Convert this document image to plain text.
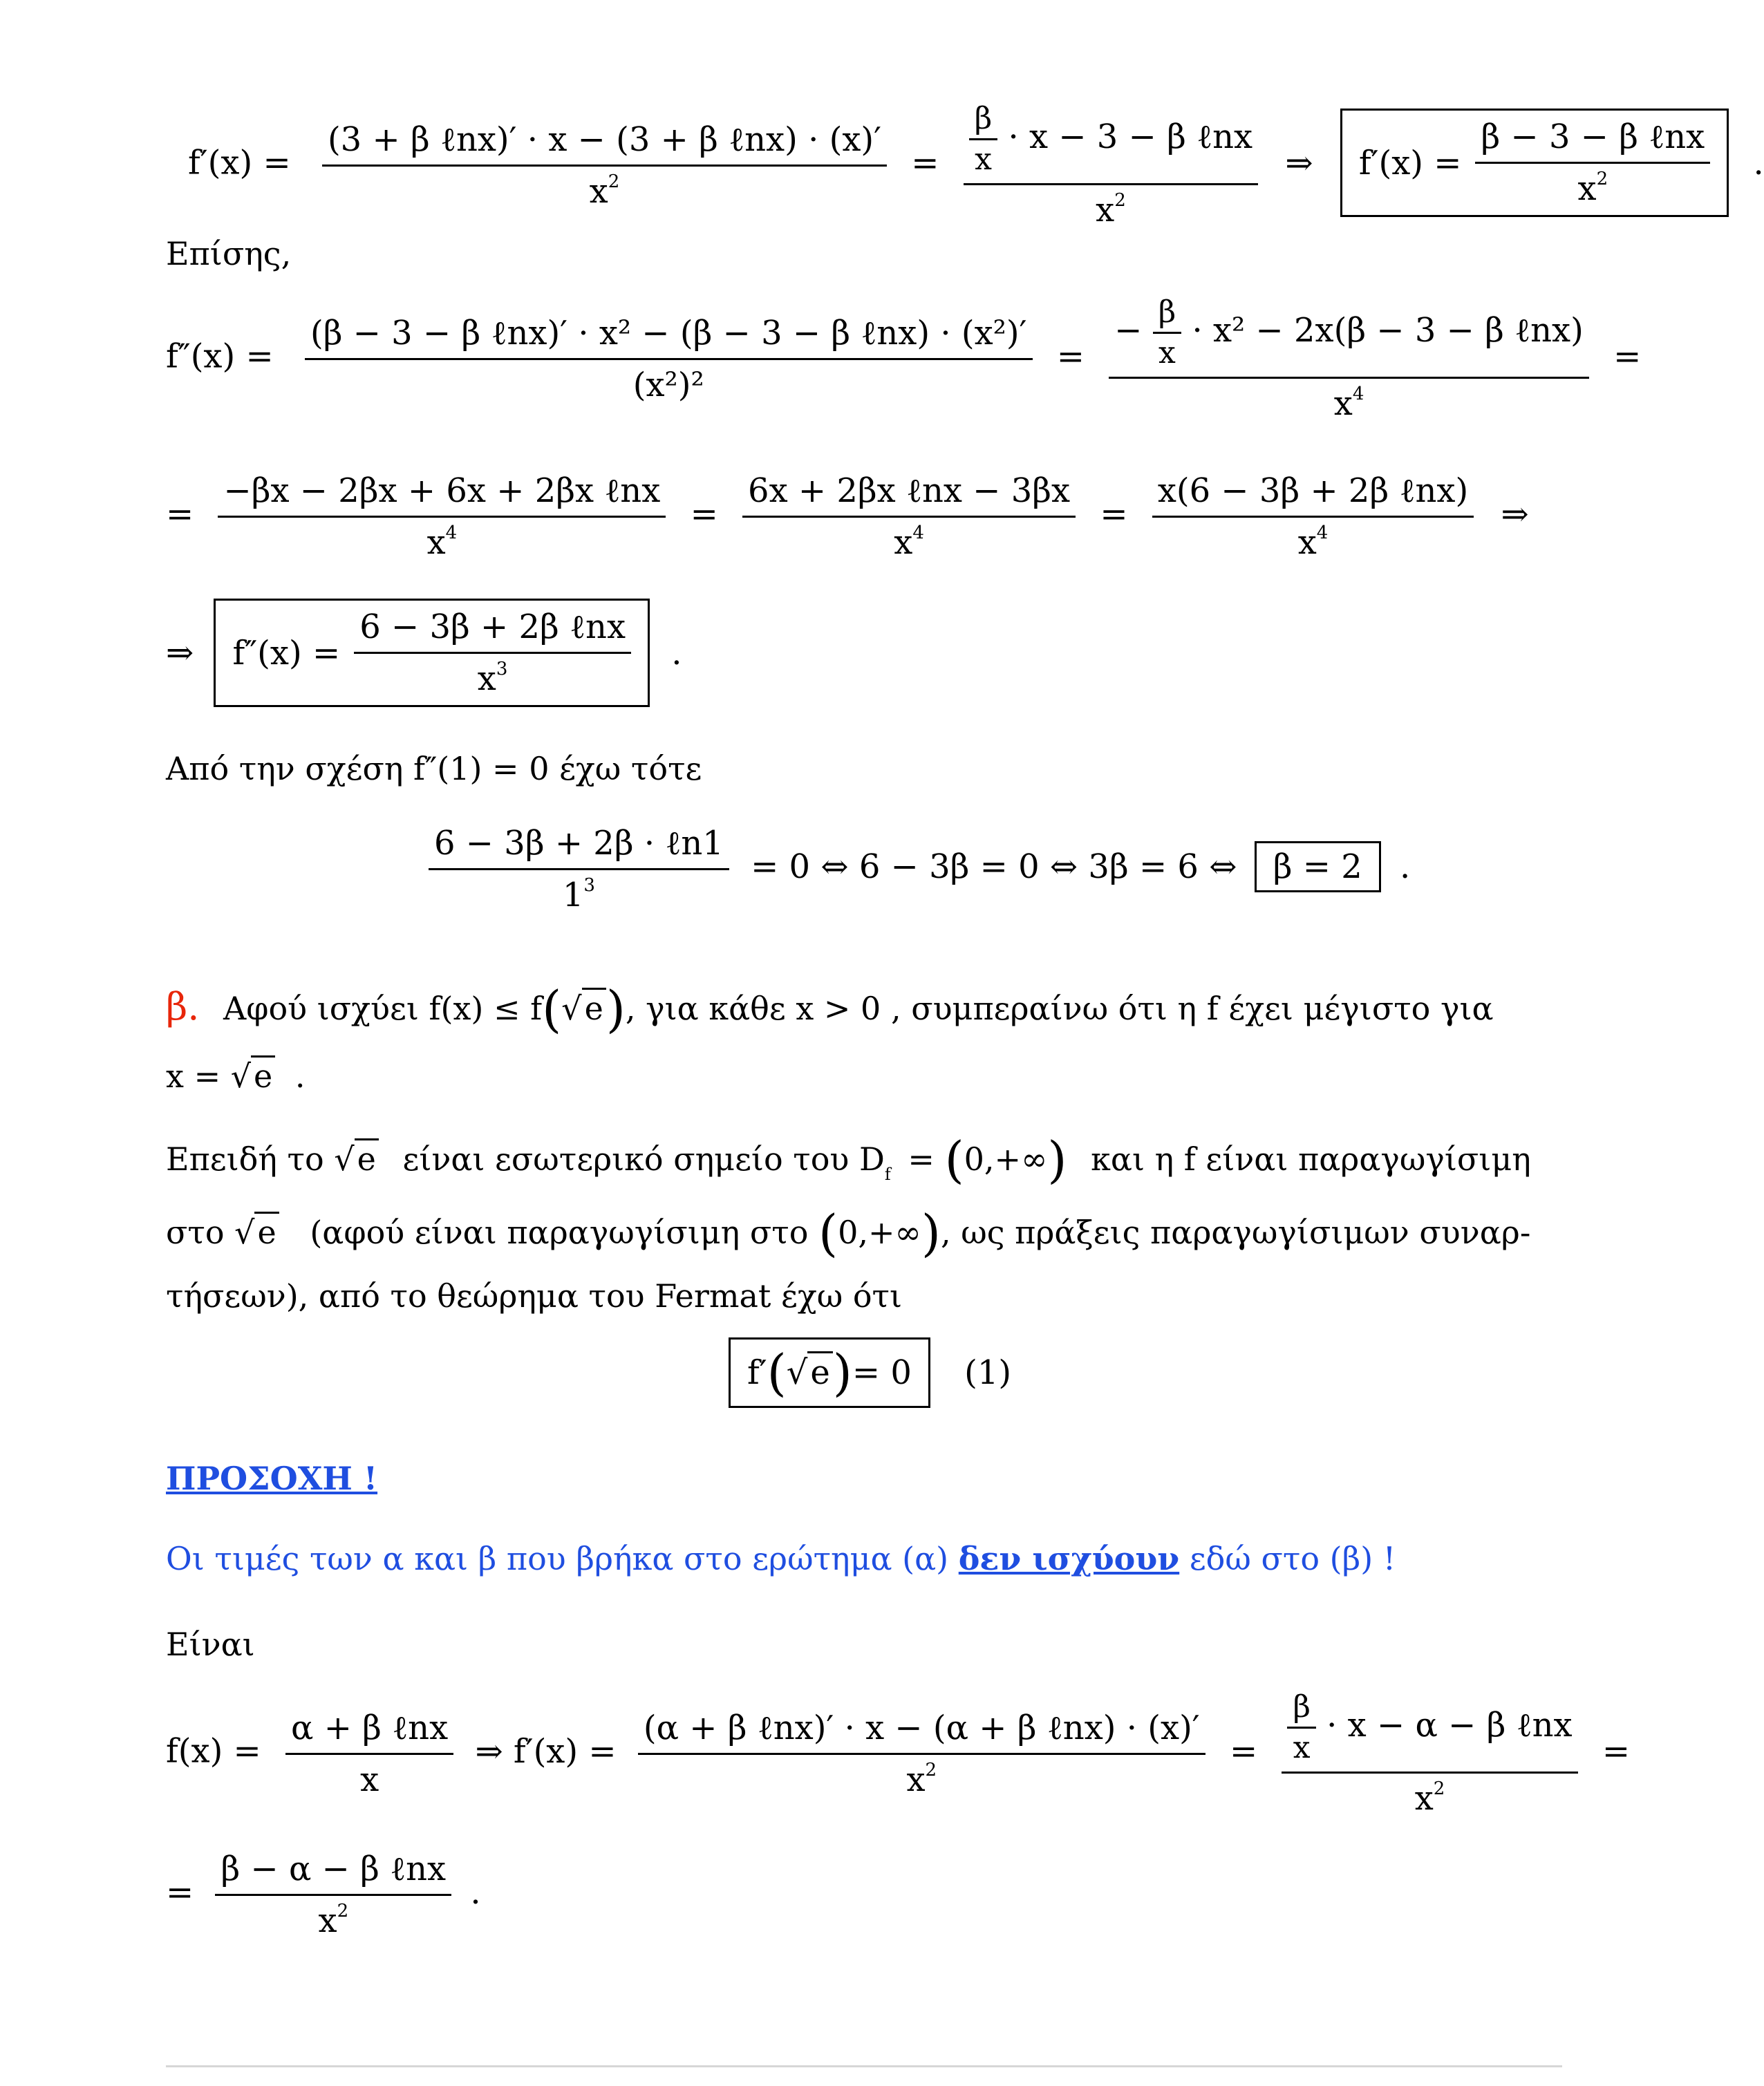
$f'(x) = \frac{\text{(3 + β ℓnx)′ · x − (3 + β ℓnx) · (x)′}}{x^2} = \frac{\frac{\beta}{x} \cdot x - 3 - \beta \ell nx}{x^2}$ ⇒ $f'(x) = \frac{\text{β − 3 − β ℓnx}}{x^2}$ .
Επίσης,
$f''(x) = \frac{\text{(β − 3 − β ℓnx)′ · x² − (β − 3 − β ℓnx) · (x²)′}}{\text{(x²)²}}$ =
− $\frac{\beta}{x} \cdot x^2 - 2x(\beta - 3 - \beta$ ℓnx)
$x^4$
=
= $\frac{\text{−βx − 2βx + 6x + 2βx ℓnx}}{x^4} = \frac{\text{6x + 2βx ℓnx − 3βx}}{x^4} = \frac{\text{x(6 − 3β + 2β ℓnx)}}{x^4}$ ⇒
⇒ $f''(x) = \frac{\text{6 − 3β + 2β ℓnx}}{x^3}$ .
Από την σχέση f″(1) = 0 έχω τότε
$\frac{\text{6 − 3β + 2β · ℓn1}}{1^3} = 0$ ⇔ 6 − 3β = 0 ⇔ 3β = 6 ⇔ β = 2 .
β. Αφού ισχύει f(x) ≤ f(√e), για κάθε x > 0 , συμπεραίνω ότι η f έχει μέγιστο για
x = √e .
Επειδή το √e είναι εσωτερικό σημείο του $D_f = (0,+\infty)$ και η f είναι παραγωγίσιμη
στο √e (αφού είναι παραγωγίσιμη στο (0,+∞), ως πράξεις παραγωγίσιμων συναρ-
τήσεων), από το θεώρημα του Fermat έχω ότι
f′ ( √e ) = 0 (1)
ΠΡΟΣΟΧΗ !
Οι τιμές των α και β που βρήκα στο ερώτημα (α) δεν ισχύουν εδώ στο (β) !
Είναι
$f(x) = \frac{\text{α + β ℓnx}}{x}$ ⇒ $f'(x) = \frac{\text{(α + β ℓnx)′ · x − (α + β ℓnx) · (x)′}}{x^2} = \frac{\frac{\beta}{x} \cdot x - \alpha - \beta \ell nx}{x^2}$ =
= $\frac{\text{β − α − β ℓnx}}{x^2}$ .
